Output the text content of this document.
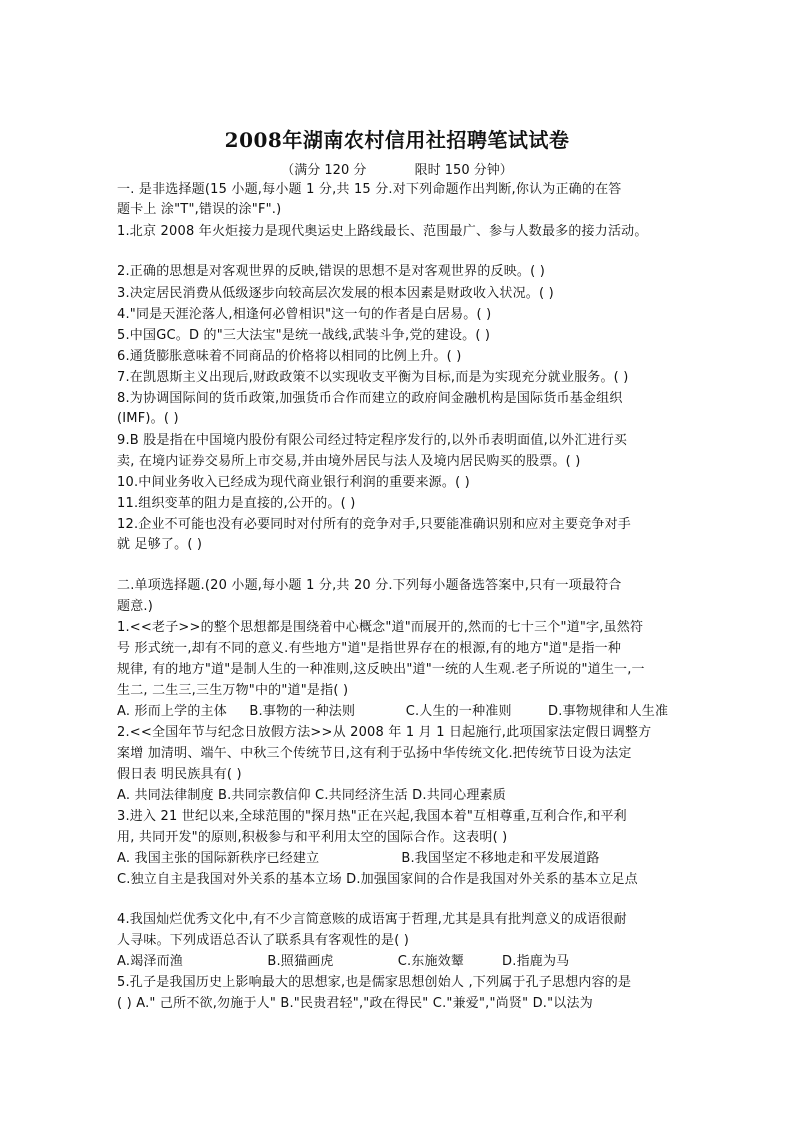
2008年湖南农村信用社招聘笔试试卷
（满分 120 分	限时 150 分钟）
一. 是非选择题(15 小题,每小题 1 分,共 15 分.对下列命题作出判断,你认为正确的在答
题卡上 涂"T",错误的涂"F".)
1.北京 2008 年火炬接力是现代奥运史上路线最长、范围最广、参与人数最多的接力活动。
2.正确的思想是对客观世界的反映,错误的思想不是对客观世界的反映。( )
3.决定居民消费从低级逐步向较高层次发展的根本因素是财政收入状况。( )
4."同是天涯沦落人,相逢何必曾相识"这一句的作者是白居易。( )
5.中国GC。D 的"三大法宝"是统一战线,武装斗争,党的建设。( )
6.通货膨胀意味着不同商品的价格将以相同的比例上升。( )
7.在凯恩斯主义出现后,财政政策不以实现收支平衡为目标,而是为实现充分就业服务。( )
8.为协调国际间的货币政策,加强货币合作而建立的政府间金融机构是国际货币基金组织
(IMF)。( )
9.B 股是指在中国境内股份有限公司经过特定程序发行的,以外币表明面值,以外汇进行买
卖, 在境内证券交易所上市交易,并由境外居民与法人及境内居民购买的股票。( )
10.中间业务收入已经成为现代商业银行利润的重要来源。( )
11.组织变革的阻力是直接的,公开的。( )
12.企业不可能也没有必要同时对付所有的竞争对手,只要能准确识别和应对主要竞争对手
就 足够了。( )
二.单项选择题.(20 小题,每小题 1 分,共 20 分.下列每小题备选答案中,只有一项最符合
题意.)
1.<<老子>>的整个思想都是围绕着中心概念"道"而展开的,然而的七十三个"道"字,虽然符
号 形式统一,却有不同的意义.有些地方"道"是指世界存在的根源,有的地方"道"是指一种
规律, 有的地方"道"是制人生的一种准则,这反映出"道"一统的人生观.老子所说的"道生一,一
生二, 二生三,三生万物"中的"道"是指( )
A. 形而上学的主体 B.事物的一种法则	C.人生的一种准则	D.事物规律和人生准
2.<<全国年节与纪念日放假方法>>从 2008 年 1 月 1 日起施行,此项国家法定假日调整方
案增 加清明、端午、中秋三个传统节日,这有利于弘扬中华传统文化.把传统节日设为法定
假日表 明民族具有( )
A. 共同法律制度 B.共同宗教信仰 C.共同经济生活 D.共同心理素质
3.进入 21 世纪以来,全球范围的"探月热"正在兴起,我国本着"互相尊重,互利合作,和平利
用, 共同开发"的原则,积极参与和平利用太空的国际合作。这表明( )
A. 我国主张的国际新秩序已经建立	B.我国坚定不移地走和平发展道路
C.独立自主是我国对外关系的基本立场 D.加强国家间的合作是我国对外关系的基本立足点
4.我国灿烂优秀文化中,有不少言简意赅的成语寓于哲理,尤其是具有批判意义的成语很耐
人寻味。下列成语总否认了联系具有客观性的是( )
A.竭泽而渔	B.照猫画虎	C.东施效颦	D.指鹿为马
5.孔子是我国历史上影响最大的思想家,也是儒家思想创始人 ,下列属于孔子思想内容的是
( ) A." 己所不欲,勿施于人" B."民贵君轻","政在得民" C."兼爱","尚贤" D."以法为
